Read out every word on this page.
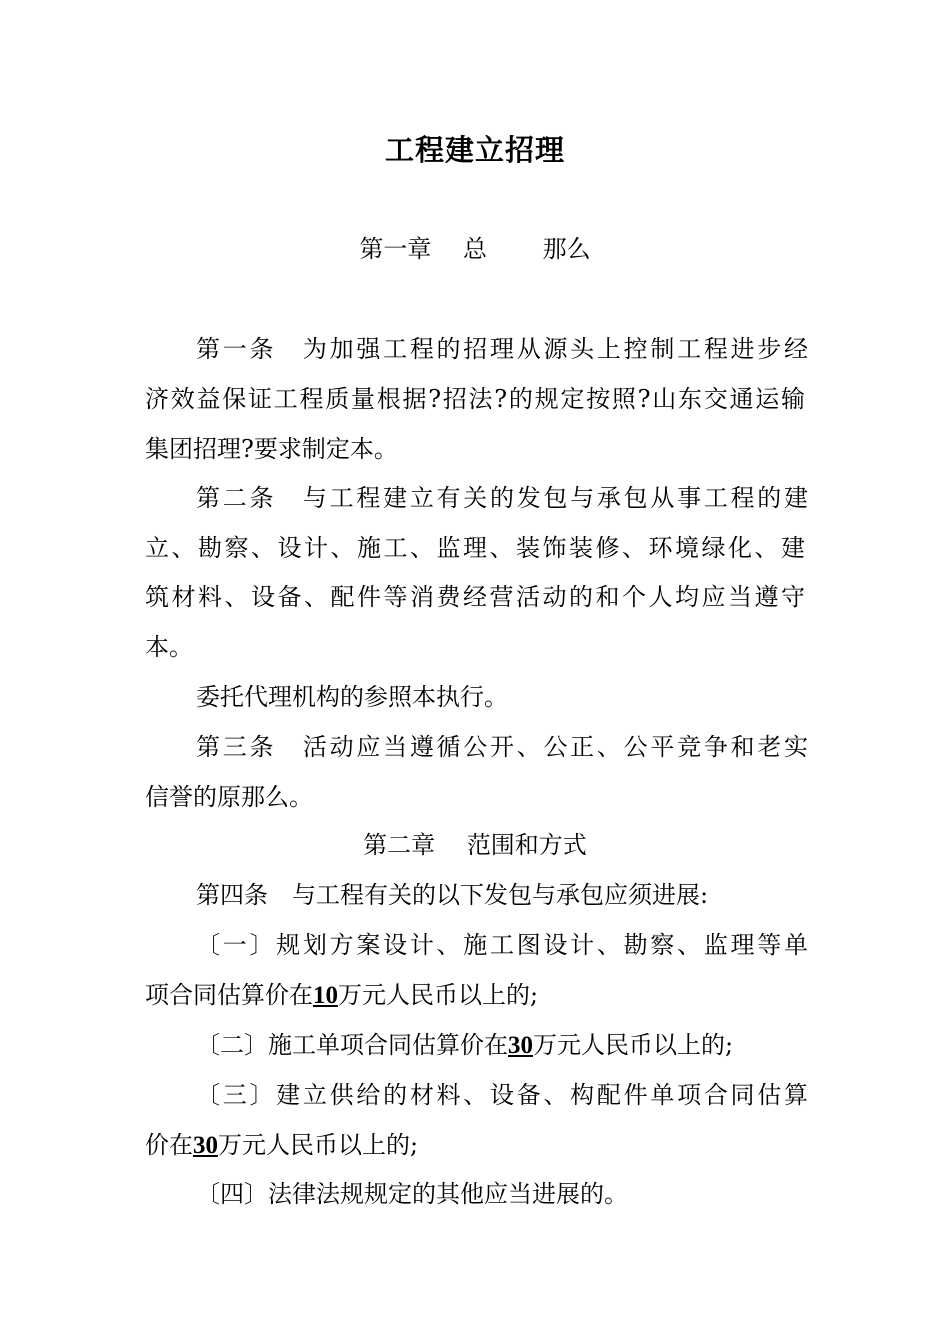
工程建立招理
第一章　 总　　 那么
第一条　为加强工程的招理从源头上控制工程进步经
济效益保证工程质量根据?招法?的规定按照?山东交通运输
集团招理?要求制定本。
第二条　与工程建立有关的发包与承包从事工程的建
立、勘察、设计、施工、监理、装饰装修、环境绿化、建
筑材料、设备、配件等消费经营活动的和个人均应当遵守
本。
委托代理机构的参照本执行。
第三条　活动应当遵循公开、公正、公平竞争和老实
信誉的原那么。
第二章　 范围和方式
第四条　与工程有关的以下发包与承包应须进展:
〔一〕规划方案设计、施工图设计、勘察、监理等单
项合同估算价在10万元人民币以上的;
〔二〕施工单项合同估算价在30万元人民币以上的;
〔三〕建立供给的材料、设备、构配件单项合同估算
价在30万元人民币以上的;
〔四〕法律法规规定的其他应当进展的。
